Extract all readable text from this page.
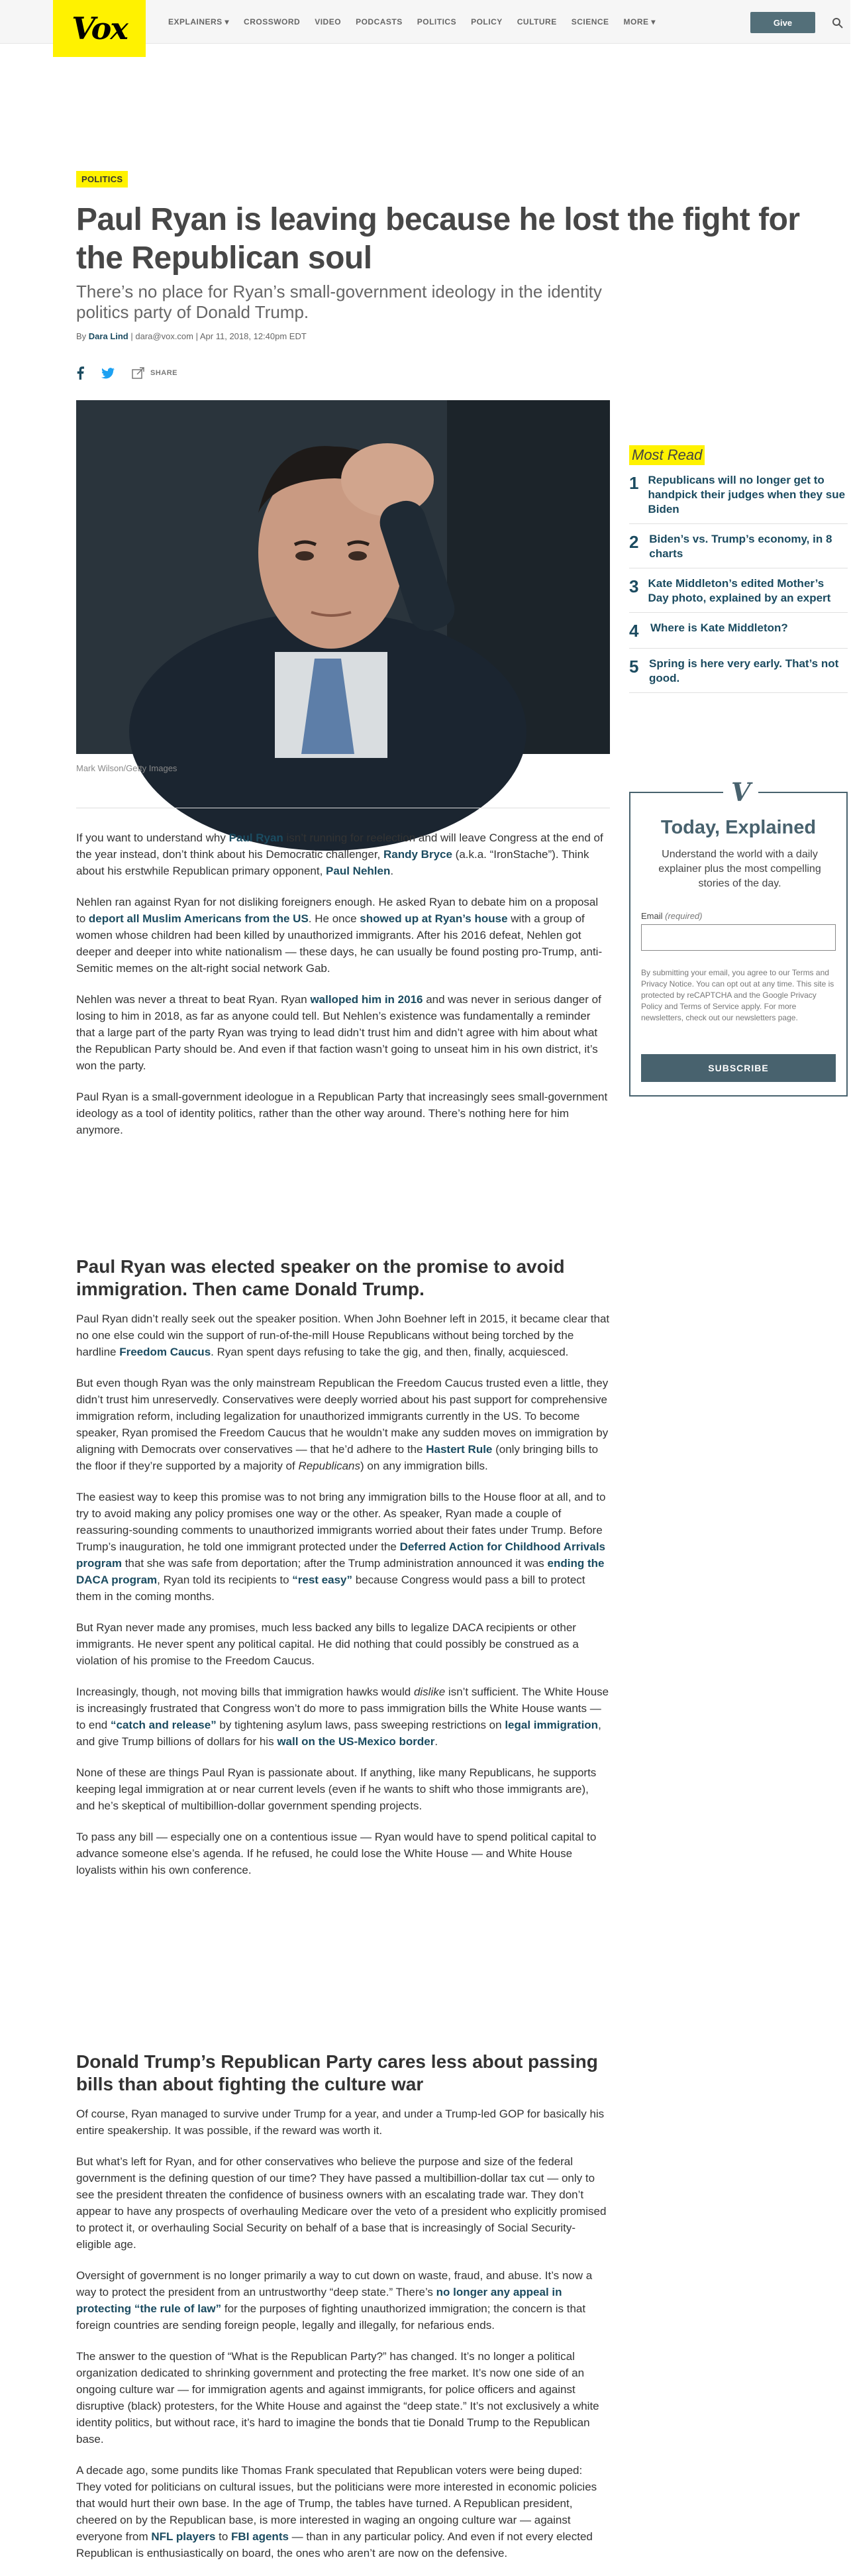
Vox	EXPLAINERS ▾ CROSSWORD VIDEO PODCASTS POLITICS POLICY CULTURE SCIENCE MORE ▾	Give
POLITICS
Paul Ryan is leaving because he lost the fight for the Republican soul

There’s no place for Ryan’s small-government ideology in the identity politics party of Donald Trump.

By Dara Lind | dara@vox.com | Apr 11, 2018, 12:40pm EDT
SHARE
Mark Wilson/Getty Images

If you want to understand why Paul Ryan isn’t running for reelection and will leave Congress at the end of the year instead, don’t think about his Democratic challenger, Randy Bryce (a.k.a. “IronStache”). Think about his erstwhile Republican primary opponent, Paul Nehlen.

Nehlen ran against Ryan for not disliking foreigners enough. He asked Ryan to debate him on a proposal to deport all Muslim Americans from the US. He once showed up at Ryan’s house with a group of women whose children had been killed by unauthorized immigrants. After his 2016 defeat, Nehlen got deeper and deeper into white nationalism — these days, he can usually be found posting pro-Trump, anti-Semitic memes on the alt-right social network Gab.

Nehlen was never a threat to beat Ryan. Ryan walloped him in 2016 and was never in serious danger of losing to him in 2018, as far as anyone could tell. But Nehlen’s existence was fundamentally a reminder that a large part of the party Ryan was trying to lead didn’t trust him and didn’t agree with him about what the Republican Party should be. And even if that faction wasn’t going to unseat him in his own district, it’s won the party.

Paul Ryan is a small-government ideologue in a Republican Party that increasingly sees small-government ideology as a tool of identity politics, rather than the other way around. There’s nothing here for him anymore.

Paul Ryan was elected speaker on the promise to avoid immigration. Then came Donald Trump.

Paul Ryan didn’t really seek out the speaker position. When John Boehner left in 2015, it became clear that no one else could win the support of run-of-the-mill House Republicans without being torched by the hardline Freedom Caucus. Ryan spent days refusing to take the gig, and then, finally, acquiesced.

But even though Ryan was the only mainstream Republican the Freedom Caucus trusted even a little, they didn’t trust him unreservedly. Conservatives were deeply worried about his past support for comprehensive immigration reform, including legalization for unauthorized immigrants currently in the US. To become speaker, Ryan promised the Freedom Caucus that he wouldn’t make any sudden moves on immigration by aligning with Democrats over conservatives — that he’d adhere to the Hastert Rule (only bringing bills to the floor if they’re supported by a majority of Republicans) on any immigration bills.

The easiest way to keep this promise was to not bring any immigration bills to the House floor at all, and to try to avoid making any policy promises one way or the other. As speaker, Ryan made a couple of reassuring-sounding comments to unauthorized immigrants worried about their fates under Trump. Before Trump’s inauguration, he told one immigrant protected under the Deferred Action for Childhood Arrivals program that she was safe from deportation; after the Trump administration announced it was ending the DACA program, Ryan told its recipients to “rest easy” because Congress would pass a bill to protect them in the coming months.

But Ryan never made any promises, much less backed any bills to legalize DACA recipients or other immigrants. He never spent any political capital. He did nothing that could possibly be construed as a violation of his promise to the Freedom Caucus.

Increasingly, though, not moving bills that immigration hawks would dislike isn’t sufficient. The White House is increasingly frustrated that Congress won’t do more to pass immigration bills the White House wants — to end “catch and release” by tightening asylum laws, pass sweeping restrictions on legal immigration, and give Trump billions of dollars for his wall on the US-Mexico border.

None of these are things Paul Ryan is passionate about. If anything, like many Republicans, he supports keeping legal immigration at or near current levels (even if he wants to shift who those immigrants are), and he’s skeptical of multibillion-dollar government spending projects.

To pass any bill — especially one on a contentious issue — Ryan would have to spend political capital to advance someone else’s agenda. If he refused, he could lose the White House — and White House loyalists within his own conference.

Donald Trump’s Republican Party cares less about passing bills than about fighting the culture war

Of course, Ryan managed to survive under Trump for a year, and under a Trump-led GOP for basically his entire speakership. It was possible, if the reward was worth it.

But what’s left for Ryan, and for other conservatives who believe the purpose and size of the federal government is the defining question of our time? They have passed a multibillion-dollar tax cut — only to see the president threaten the confidence of business owners with an escalating trade war. They don’t appear to have any prospects of overhauling Medicare over the veto of a president who explicitly promised to protect it, or overhauling Social Security on behalf of a base that is increasingly of Social Security-eligible age.

Oversight of government is no longer primarily a way to cut down on waste, fraud, and abuse. It’s now a way to protect the president from an untrustworthy “deep state.” There’s no longer any appeal in protecting “the rule of law” for the purposes of fighting unauthorized immigration; the concern is that foreign countries are sending foreign people, legally and illegally, for nefarious ends.

The answer to the question of “What is the Republican Party?” has changed. It’s no longer a political organization dedicated to shrinking government and protecting the free market. It’s now one side of an ongoing culture war — for immigration agents and against immigrants, for police officers and against disruptive (black) protesters, for the White House and against the “deep state.” It’s not exclusively a white identity politics, but without race, it’s hard to imagine the bonds that tie Donald Trump to the Republican base.

A decade ago, some pundits like Thomas Frank speculated that Republican voters were being duped: They voted for politicians on cultural issues, but the politicians were more interested in economic policies that would hurt their own base. In the age of Trump, the tables have turned. A Republican president, cheered on by the Republican base, is more interested in waging an ongoing culture war — against everyone from NFL players to FBI agents — than in any particular policy. And even if not every elected Republican is enthusiastically on board, the ones who aren’t are now on the defensive.

Most Read
1 Republicans will no longer get to handpick their judges when they sue Biden
2 Biden’s vs. Trump’s economy, in 8 charts
3 Kate Middleton’s edited Mother’s Day photo, explained by an expert
4 Where is Kate Middleton?
5 Spring is here very early. That’s not good.
V
Today, Explained

Understand the world with a daily explainer plus the most compelling stories of the day.

Email (required)

By submitting your email, you agree to our Terms and Privacy Notice. You can opt out at any time. This site is protected by reCAPTCHA and the Google Privacy Policy and Terms of Service apply. For more newsletters, check out our newsletters page.

SUBSCRIBE
